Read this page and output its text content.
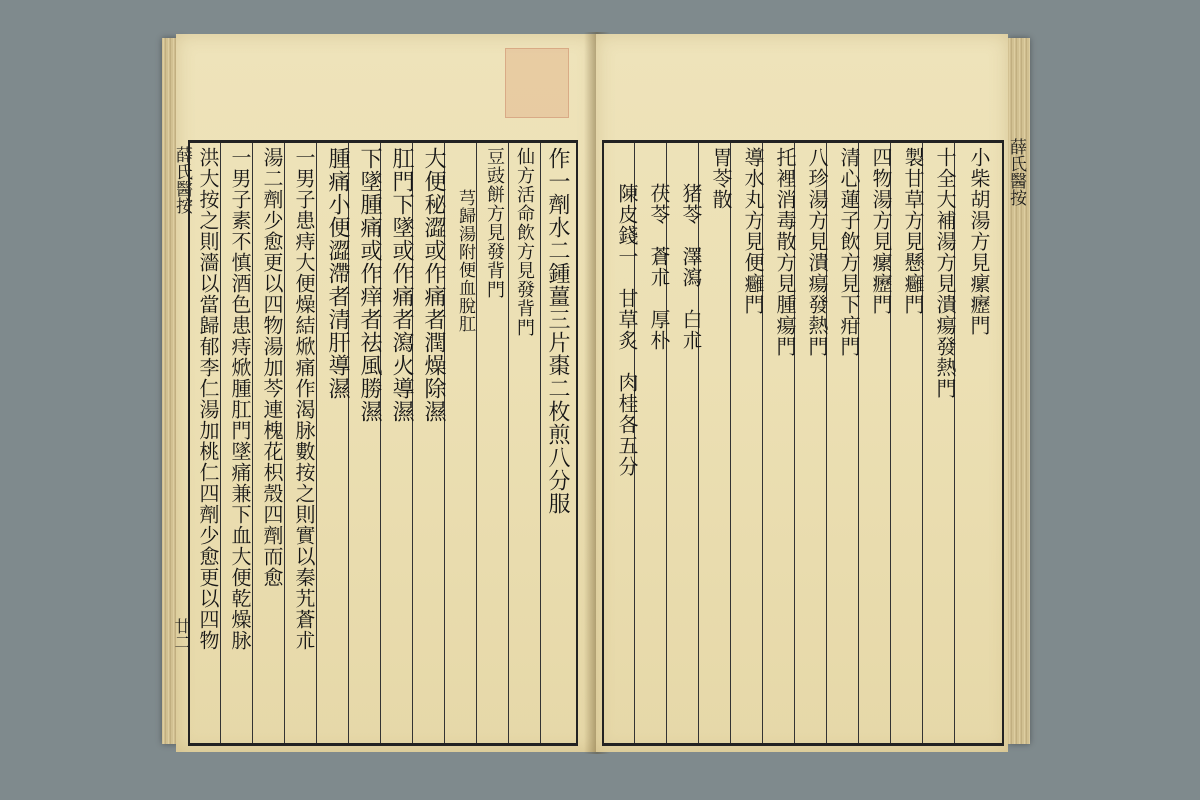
薛氏醫按
廿二
作一劑水二鍾薑三片棗二枚煎八分服
仙方活命飲方見發背門
豆豉餅方見發背門
芎歸湯附便血脫肛
大便秘澀或作痛者潤燥除濕
肛門下墜或作痛者瀉火導濕
下墜腫痛或作痒者祛風勝濕
腫痛小便澀滯者清肝導濕
一男子患痔大便燥結焮痛作渴脉數按之則實以秦艽蒼朮
湯二劑少愈更以四物湯加芩連槐花枳殼四劑而愈
一男子素不慎酒色患痔焮腫肛門墜痛兼下血大便乾燥脉
洪大按之則濇以當歸郁李仁湯加桃仁四劑少愈更以四物	小柴胡湯方見瘰癧門
十全大補湯方見潰瘍發熱門
製甘草方見懸癰門
四物湯方見瘰癧門
清心蓮子飲方見下疳門
八珍湯方見潰瘍發熱門
托裡消毒散方見腫瘍門
導水丸方見便癰門
胃苓散
猪苓　澤瀉　白朮
茯苓　蒼朮　厚朴
陳皮錢一　甘草炙　肉桂各五分
薛氏醫按
